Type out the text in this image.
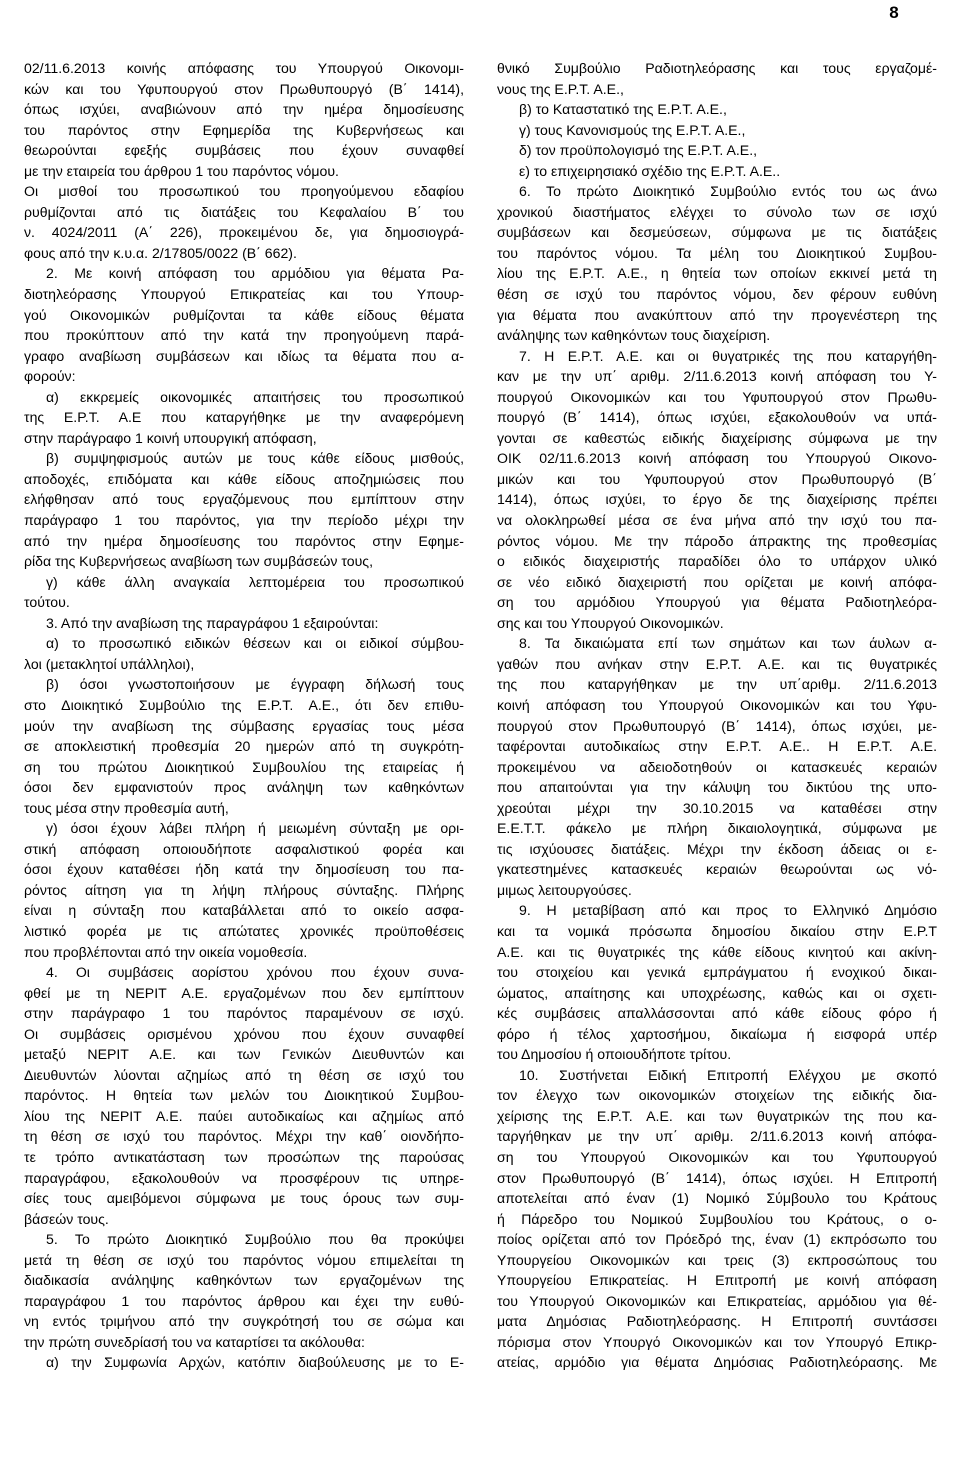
8
02/11.6.2013 κοινής απόφασης του Υπουργού Οικονομι-
κών και του Υφυπουργού στον Πρωθυπουργό (Β΄ 1414),
όπως ισχύει, αναβιώνουν από την ημέρα δημοσίευσης
του παρόντος στην Εφημερίδα της Κυβερνήσεως και
θεωρούνται εφεξής συμβάσεις που έχουν συναφθεί
με την εταιρεία του άρθρου 1 του παρόντος νόμου.
Οι μισθοί του προσωπικού του προηγούμενου εδαφίου
ρυθμίζονται από τις διατάξεις του Κεφαλαίου Β΄ του
ν. 4024/2011 (Α΄ 226), προκειμένου δε, για δημοσιογρά-
φους από την κ.υ.α. 2/17805/0022 (Β΄ 662).
2. Με κοινή απόφαση του αρμόδιου για θέματα Ρα-
διοτηλεόρασης Υπουργού Επικρατείας και του Υπουρ-
γού Οικονομικών ρυθμίζονται τα κάθε είδους θέματα
που προκύπτουν από την κατά την προηγούμενη παρά-
γραφο αναβίωση συμβάσεων και ιδίως τα θέματα που α-
φορούν:
α) εκκρεμείς οικονομικές απαιτήσεις του προσωπικού
της Ε.Ρ.Τ. Α.Ε που καταργήθηκε με την αναφερόμενη
στην παράγραφο 1 κοινή υπουργική απόφαση,
β) συμψηφισμούς αυτών με τους κάθε είδους μισθούς,
αποδοχές, επιδόματα και κάθε είδους αποζημιώσεις που
ελήφθησαν από τους εργαζόμενους που εμπίπτουν στην
παράγραφο 1 του παρόντος, για την περίοδο μέχρι την
από την ημέρα δημοσίευσης του παρόντος στην Εφημε-
ρίδα της Κυβερνήσεως αναβίωση των συμβάσεών τους,
γ) κάθε άλλη αναγκαία λεπτομέρεια του προσωπικού
τούτου.
3. Από την αναβίωση της παραγράφου 1 εξαιρούνται:
α) το προσωπικό ειδικών θέσεων και οι ειδικοί σύμβου-
λοι (μετακλητοί υπάλληλοι),
β) όσοι γνωστοποιήσουν με έγγραφη δήλωσή τους
στο Διοικητικό Συμβούλιο της Ε.Ρ.Τ. Α.Ε., ότι δεν επιθυ-
μούν την αναβίωση της σύμβασης εργασίας τους μέσα
σε αποκλειστική προθεσμία 20 ημερών από τη συγκρότη-
ση του πρώτου Διοικητικού Συμβουλίου της εταιρείας ή
όσοι δεν εμφανιστούν προς ανάληψη των καθηκόντων
τους μέσα στην προθεσμία αυτή,
γ) όσοι έχουν λάβει πλήρη ή μειωμένη σύνταξη με ορι-
στική απόφαση οποιουδήποτε ασφαλιστικού φορέα και
όσοι έχουν καταθέσει ήδη κατά την δημοσίευση του πα-
ρόντος αίτηση για τη λήψη πλήρους σύνταξης. Πλήρης
είναι η σύνταξη που καταβάλλεται από το οικείο ασφα-
λιστικό φορέα με τις απώτατες χρονικές προϋποθέσεις
που προβλέπονται από την οικεία νομοθεσία.
4. Οι συμβάσεις αορίστου χρόνου που έχουν συνα-
φθεί με τη ΝΕΡΙΤ Α.Ε. εργαζομένων που δεν εμπίπτουν
στην παράγραφο 1 του παρόντος παραμένουν σε ισχύ.
Οι συμβάσεις ορισμένου χρόνου που έχουν συναφθεί
μεταξύ ΝΕΡΙΤ Α.Ε. και των Γενικών Διευθυντών και
Διευθυντών λύονται αζημίως από τη θέση σε ισχύ του
παρόντος. Η θητεία των μελών του Διοικητικού Συμβου-
λίου της ΝΕΡΙΤ Α.Ε. παύει αυτοδικαίως και αζημίως από
τη θέση σε ισχύ του παρόντος. Μέχρι την καθ΄ οιονδήπο-
τε τρόπο αντικατάσταση των προσώπων της παρούσας
παραγράφου, εξακολουθούν να προσφέρουν τις υπηρε-
σίες τους αμειβόμενοι σύμφωνα με τους όρους των συμ-
βάσεών τους.
5. Το πρώτο Διοικητικό Συμβούλιο που θα προκύψει
μετά τη θέση σε ισχύ του παρόντος νόμου επιμελείται τη
διαδικασία ανάληψης καθηκόντων των εργαζομένων της
παραγράφου 1 του παρόντος άρθρου και έχει την ευθύ-
νη εντός τριμήνου από την συγκρότησή του σε σώμα και
την πρώτη συνεδρίασή του να καταρτίσει τα ακόλουθα:
α) την Συμφωνία Αρχών, κατόπιν διαβούλευσης με το Ε-
θνικό Συμβούλιο Ραδιοτηλεόρασης και τους εργαζομέ-
νους της Ε.Ρ.Τ. Α.Ε.,
β) το Καταστατικό της Ε.Ρ.Τ. Α.Ε.,
γ) τους Κανονισμούς της Ε.Ρ.Τ. Α.Ε.,
δ) τον προϋπολογισμό της Ε.Ρ.Τ. Α.Ε.,
ε) το επιχειρησιακό σχέδιο της Ε.Ρ.Τ. Α.Ε..
6. Το πρώτο Διοικητικό Συμβούλιο εντός του ως άνω
χρονικού διαστήματος ελέγχει το σύνολο των σε ισχύ
συμβάσεων και δεσμεύσεων, σύμφωνα με τις διατάξεις
του παρόντος νόμου. Τα μέλη του Διοικητικού Συμβου-
λίου της Ε.Ρ.Τ. Α.Ε., η θητεία των οποίων εκκινεί μετά τη
θέση σε ισχύ του παρόντος νόμου, δεν φέρουν ευθύνη
για θέματα που ανακύπτουν από την προγενέστερη της
ανάληψης των καθηκόντων τους διαχείριση.
7. Η Ε.Ρ.Τ. Α.Ε. και οι θυγατρικές της που καταργήθη-
καν με την υπ΄ αριθμ. 2/11.6.2013 κοινή απόφαση του Υ-
πουργού Οικονομικών και του Υφυπουργού στον Πρωθυ-
πουργό (Β΄ 1414), όπως ισχύει, εξακολουθούν να υπά-
γονται σε καθεστώς ειδικής διαχείρισης σύμφωνα με την
ΟΙΚ 02/11.6.2013 κοινή απόφαση του Υπουργού Οικονο-
μικών και του Υφυπουργού στον Πρωθυπουργό (Β΄
1414), όπως ισχύει, το έργο δε της διαχείρισης πρέπει
να ολοκληρωθεί μέσα σε ένα μήνα από την ισχύ του πα-
ρόντος νόμου. Με την πάροδο άπρακτης της προθεσμίας
ο ειδικός διαχειριστής παραδίδει όλο το υπάρχον υλικό
σε νέο ειδικό διαχειριστή που ορίζεται με κοινή απόφα-
ση του αρμόδιου Υπουργού για θέματα Ραδιοτηλεόρα-
σης και του Υπουργού Οικονομικών.
8. Τα δικαιώματα επί των σημάτων και των άυλων α-
γαθών που ανήκαν στην Ε.Ρ.Τ. Α.Ε. και τις θυγατρικές
της που καταργήθηκαν με την υπ΄αριθμ. 2/11.6.2013
κοινή απόφαση του Υπουργού Οικονομικών και του Υφυ-
πουργού στον Πρωθυπουργό (Β΄ 1414), όπως ισχύει, με-
ταφέρονται αυτοδικαίως στην Ε.Ρ.Τ. Α.Ε.. Η Ε.Ρ.Τ. Α.Ε.
προκειμένου να αδειοδοτηθούν οι κατασκευές κεραιών
που απαιτούνται για την κάλυψη του δικτύου της υπο-
χρεούται μέχρι την 30.10.2015 να καταθέσει στην
Ε.Ε.Τ.Τ. φάκελο με πλήρη δικαιολογητικά, σύμφωνα με
τις ισχύουσες διατάξεις. Μέχρι την έκδοση άδειας οι ε-
γκατεστημένες κατασκευές κεραιών θεωρούνται ως νό-
μιμως λειτουργούσες.
9. Η μεταβίβαση από και προς το Ελληνικό Δημόσιο
και τα νομικά πρόσωπα δημοσίου δικαίου στην Ε.Ρ.Τ
Α.Ε. και τις θυγατρικές της κάθε είδους κινητού και ακίνη-
του στοιχείου και γενικά εμπράγματου ή ενοχικού δικαι-
ώματος, απαίτησης και υποχρέωσης, καθώς και οι σχετι-
κές συμβάσεις απαλλάσσονται από κάθε είδους φόρο ή
φόρο ή τέλος χαρτοσήμου, δικαίωμα ή εισφορά υπέρ
του Δημοσίου ή οποιουδήποτε τρίτου.
10. Συστήνεται Ειδική Επιτροπή Ελέγχου με σκοπό
τον έλεγχο των οικονομικών στοιχείων της ειδικής δια-
χείρισης της Ε.Ρ.Τ. Α.Ε. και των θυγατρικών της που κα-
ταργήθηκαν με την υπ΄ αριθμ. 2/11.6.2013 κοινή απόφα-
ση του Υπουργού Οικονομικών και του Υφυπουργού
στον Πρωθυπουργό (Β΄ 1414), όπως ισχύει. Η Επιτροπή
αποτελείται από έναν (1) Νομικό Σύμβουλο του Κράτους
ή Πάρεδρο του Νομικού Συμβουλίου του Κράτους, ο ο-
ποίος ορίζεται από τον Πρόεδρό της, έναν (1) εκπρόσωπο του
Υπουργείου Οικονομικών και τρεις (3) εκπροσώπους του
Υπουργείου Επικρατείας. Η Επιτροπή με κοινή απόφαση
του Υπουργού Οικονομικών και Επικρατείας, αρμόδιου για θέ-
ματα Δημόσιας Ραδιοτηλεόρασης. Η Επιτροπή συντάσσει
πόρισμα στον Υπουργό Οικονομικών και τον Υπουργό Επικρ-
ατείας, αρμόδιο για θέματα Δημόσιας Ραδιοτηλεόρασης. Με
